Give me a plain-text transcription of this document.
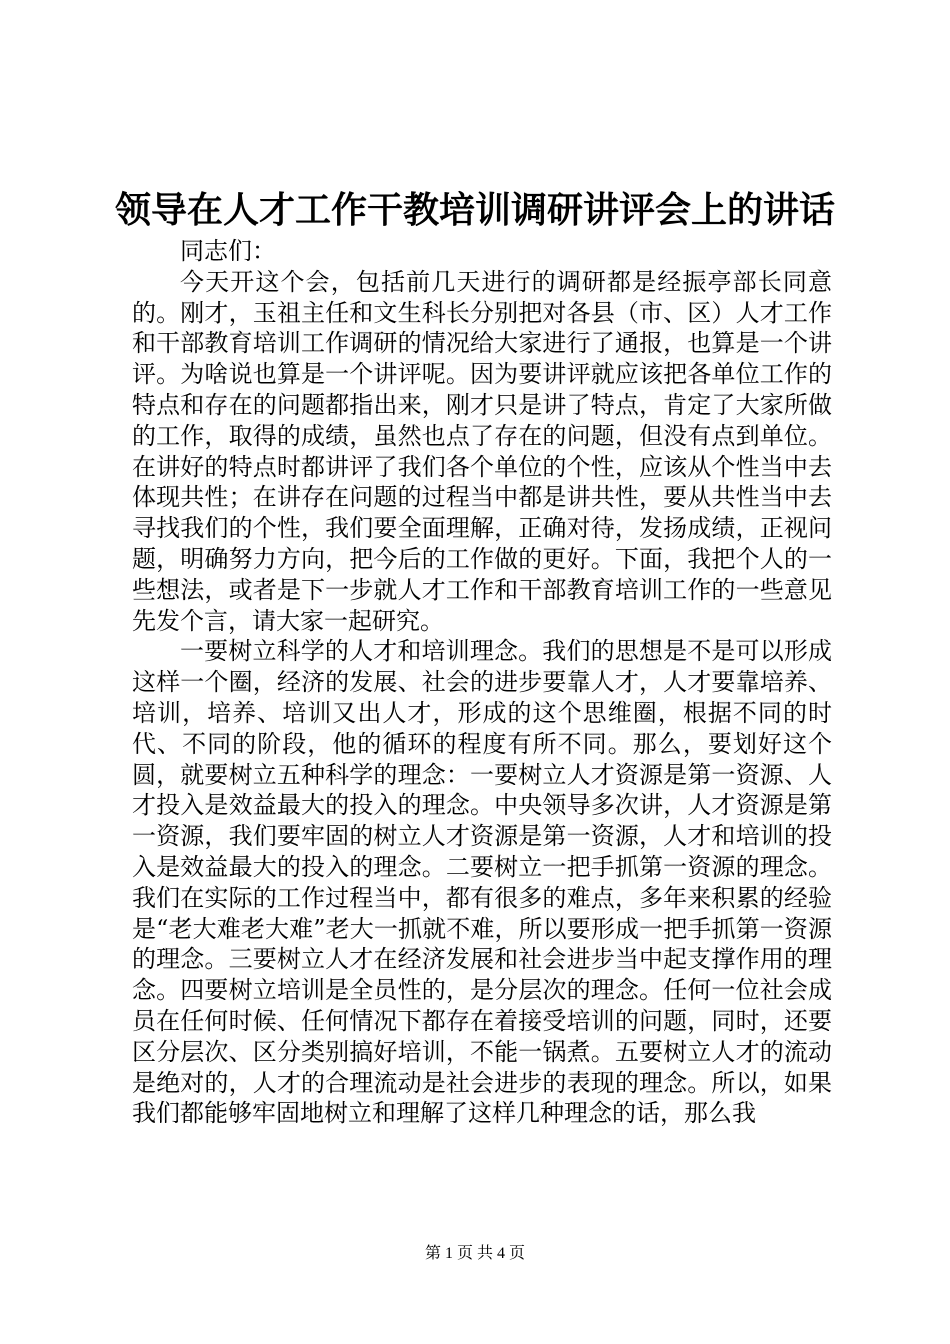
领导在人才工作干教培训调研讲评会上的讲话

同志们：

今天开这个会，包括前几天进行的调研都是经振亭部长同意的。刚才，玉祖主任和文生科长分别把对各县（市、区）人才工作和干部教育培训工作调研的情况给大家进行了通报，也算是一个讲评。为啥说也算是一个讲评呢。因为要讲评就应该把各单位工作的特点和存在的问题都指出来，刚才只是讲了特点，肯定了大家所做的工作，取得的成绩，虽然也点了存在的问题，但没有点到单位。在讲好的特点时都讲评了我们各个单位的个性，应该从个性当中去体现共性；在讲存在问题的过程当中都是讲共性，要从共性当中去寻找我们的个性，我们要全面理解，正确对待，发扬成绩，正视问题，明确努力方向，把今后的工作做的更好。下面，我把个人的一些想法，或者是下一步就人才工作和干部教育培训工作的一些意见先发个言，请大家一起研究。

一要树立科学的人才和培训理念。我们的思想是不是可以形成这样一个圈，经济的发展、社会的进步要靠人才，人才要靠培养、培训，培养、培训又出人才，形成的这个思维圈，根据不同的时代、不同的阶段，他的循环的程度有所不同。那么，要划好这个圆，就要树立五种科学的理念：一要树立人才资源是第一资源、人才投入是效益最大的投入的理念。中央领导多次讲，人才资源是第一资源，我们要牢固的树立人才资源是第一资源，人才和培训的投入是效益最大的投入的理念。二要树立一把手抓第一资源的理念。我们在实际的工作过程当中，都有很多的难点，多年来积累的经验是“老大难老大难”老大一抓就不难，所以要形成一把手抓第一资源的理念。三要树立人才在经济发展和社会进步当中起支撑作用的理念。四要树立培训是全员性的，是分层次的理念。任何一位社会成员在任何时候、任何情况下都存在着接受培训的问题，同时，还要区分层次、区分类别搞好培训，不能一锅煮。五要树立人才的流动是绝对的，人才的合理流动是社会进步的表现的理念。所以，如果我们都能够牢固地树立和理解了这样几种理念的话，那么我

第 1 页 共 4 页
